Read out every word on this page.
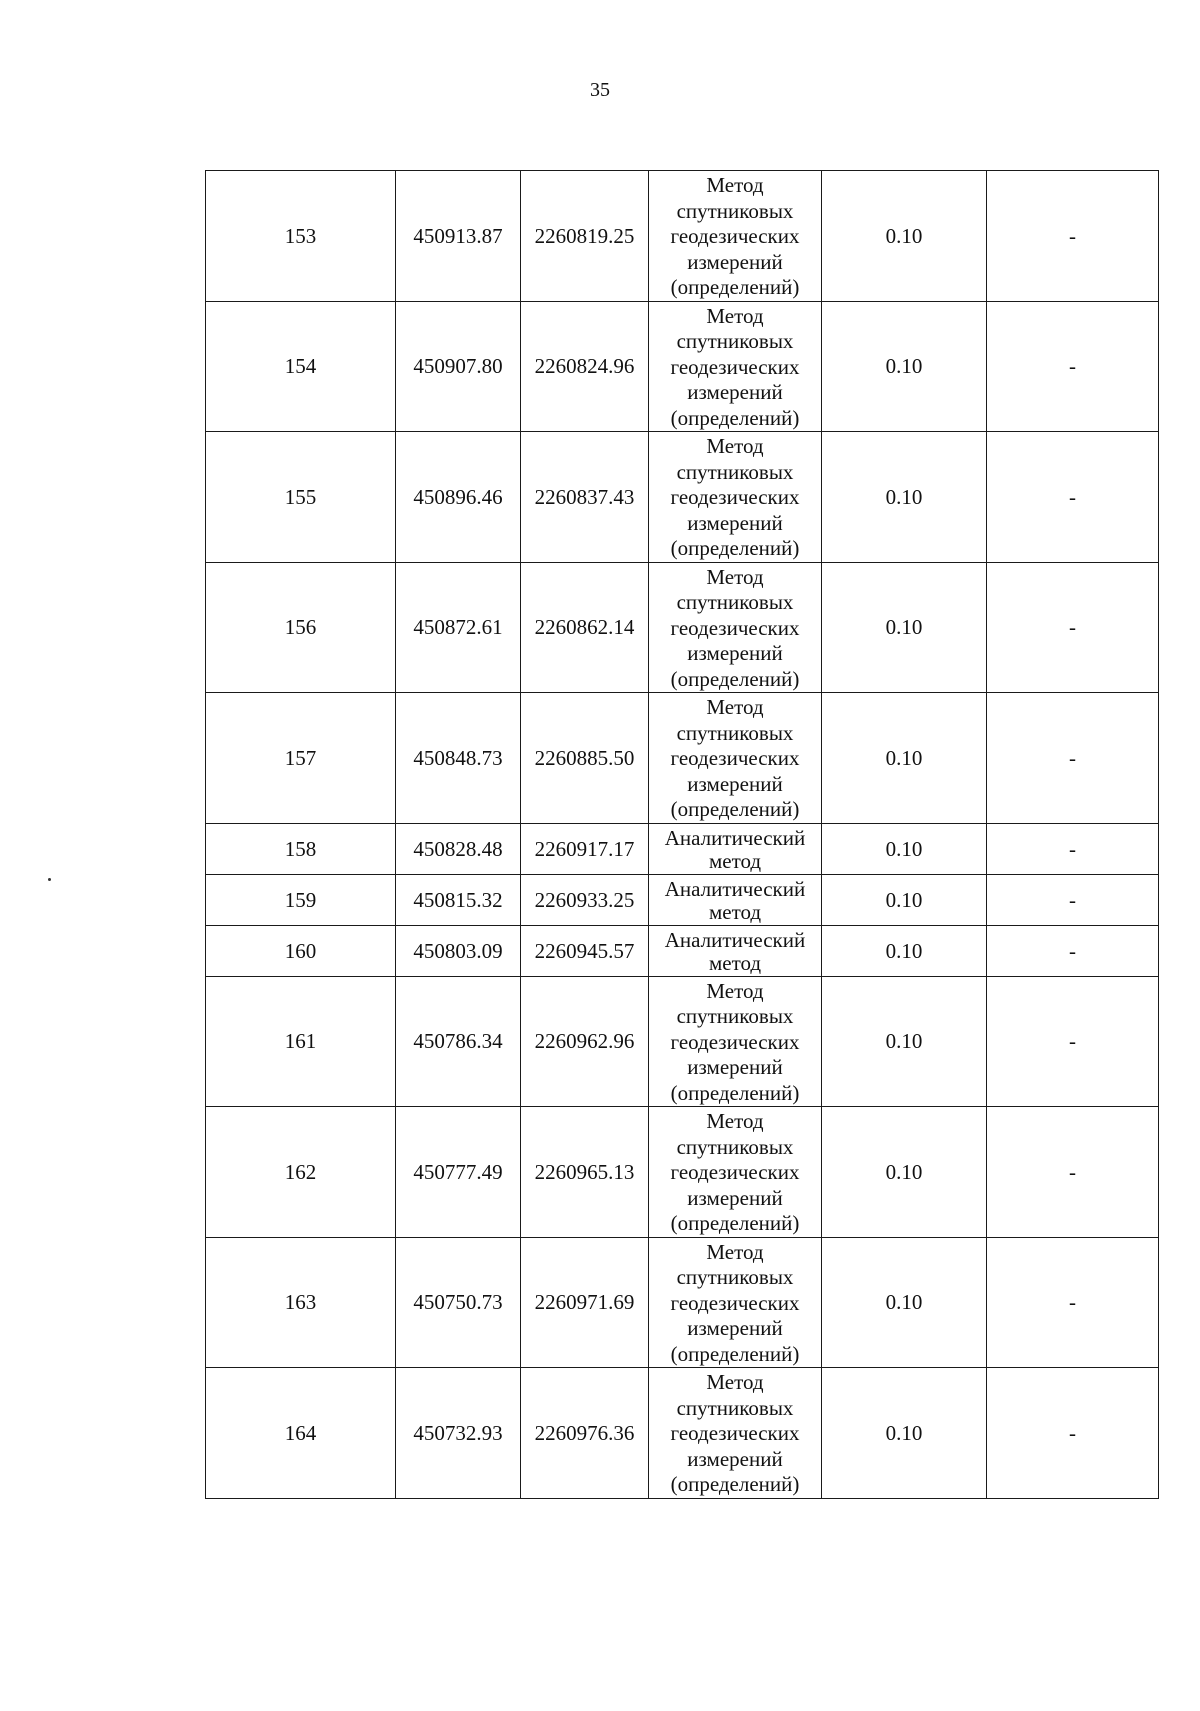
35
153	450913.87	2260819.25	Метод спутниковых геодезических измерений (определений)	0.10	-
154	450907.80	2260824.96	Метод спутниковых геодезических измерений (определений)	0.10	-
155	450896.46	2260837.43	Метод спутниковых геодезических измерений (определений)	0.10	-
156	450872.61	2260862.14	Метод спутниковых геодезических измерений (определений)	0.10	-
157	450848.73	2260885.50	Метод спутниковых геодезических измерений (определений)	0.10	-
158	450828.48	2260917.17	Аналитический метод	0.10	-
159	450815.32	2260933.25	Аналитический метод	0.10	-
160	450803.09	2260945.57	Аналитический метод	0.10	-
161	450786.34	2260962.96	Метод спутниковых геодезических измерений (определений)	0.10	-
162	450777.49	2260965.13	Метод спутниковых геодезических измерений (определений)	0.10	-
163	450750.73	2260971.69	Метод спутниковых геодезических измерений (определений)	0.10	-
164	450732.93	2260976.36	Метод спутниковых геодезических измерений (определений)	0.10	-
